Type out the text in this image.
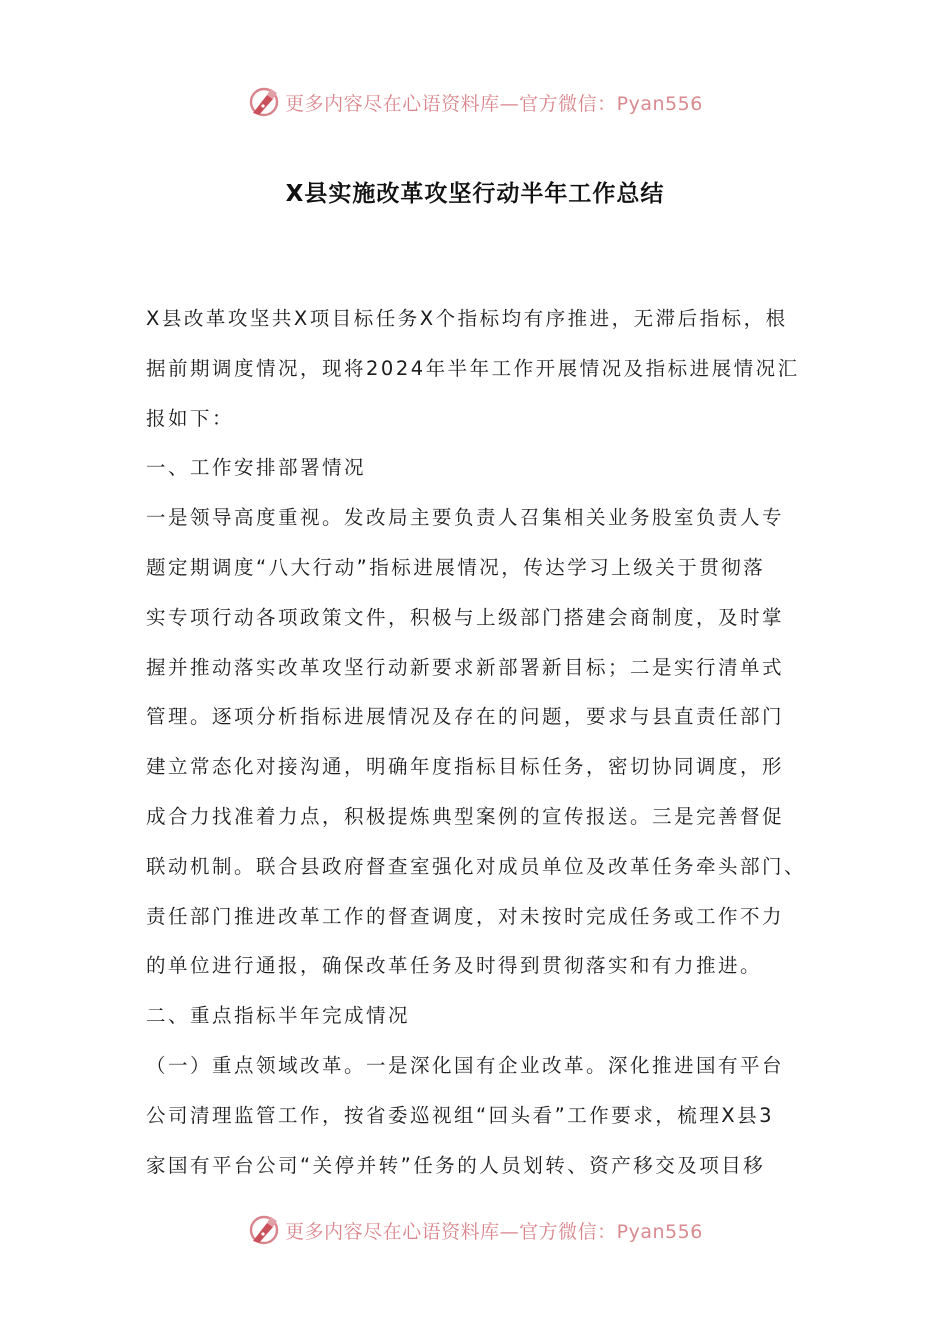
更多内容尽在心语资料库—官方微信：Pyan556
X县实施改革攻坚行动半年工作总结
X县改革攻坚共X项目标任务X个指标均有序推进，无滞后指标，根
据前期调度情况，现将2024年半年工作开展情况及指标进展情况汇
报如下：
一、工作安排部署情况
一是领导高度重视。发改局主要负责人召集相关业务股室负责人专
题定期调度“八大行动”指标进展情况，传达学习上级关于贯彻落
实专项行动各项政策文件，积极与上级部门搭建会商制度，及时掌
握并推动落实改革攻坚行动新要求新部署新目标；二是实行清单式
管理。逐项分析指标进展情况及存在的问题，要求与县直责任部门
建立常态化对接沟通，明确年度指标目标任务，密切协同调度，形
成合力找准着力点，积极提炼典型案例的宣传报送。三是完善督促
联动机制。联合县政府督查室强化对成员单位及改革任务牵头部门、
责任部门推进改革工作的督查调度，对未按时完成任务或工作不力
的单位进行通报，确保改革任务及时得到贯彻落实和有力推进。
二、重点指标半年完成情况
（一）重点领域改革。一是深化国有企业改革。深化推进国有平台
公司清理监管工作，按省委巡视组“回头看”工作要求，梳理X县3
家国有平台公司“关停并转”任务的人员划转、资产移交及项目移
更多内容尽在心语资料库—官方微信：Pyan556
